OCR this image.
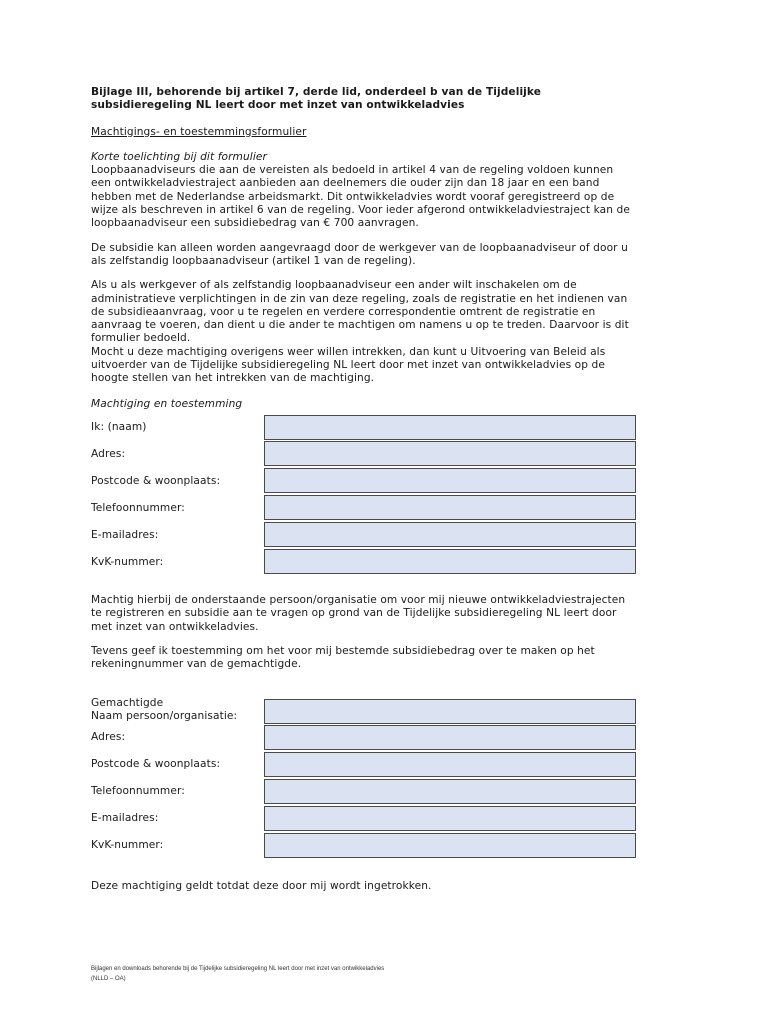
Bijlage III, behorende bij artikel 7, derde lid, onderdeel b van de Tijdelijke
subsidieregeling NL leert door met inzet van ontwikkeladvies
Machtigings- en toestemmingsformulier
Korte toelichting bij dit formulier

Loopbaanadviseurs die aan de vereisten als bedoeld in artikel 4 van de regeling voldoen kunnen
een ontwikkeladviestraject aanbieden aan deelnemers die ouder zijn dan 18 jaar en een band
hebben met de Nederlandse arbeidsmarkt. Dit ontwikkeladvies wordt vooraf geregistreerd op de
wijze als beschreven in artikel 6 van de regeling. Voor ieder afgerond ontwikkeladviestraject kan de
loopbaanadviseur een subsidiebedrag van € 700 aanvragen.

De subsidie kan alleen worden aangevraagd door de werkgever van de loopbaanadviseur of door u
als zelfstandig loopbaanadviseur (artikel 1 van de regeling).

Als u als werkgever of als zelfstandig loopbaanadviseur een ander wilt inschakelen om de
administratieve verplichtingen in de zin van deze regeling, zoals de registratie en het indienen van
de subsidieaanvraag, voor u te regelen en verdere correspondentie omtrent de registratie en
aanvraag te voeren, dan dient u die ander te machtigen om namens u op te treden. Daarvoor is dit
formulier bedoeld.
Mocht u deze machtiging overigens weer willen intrekken, dan kunt u Uitvoering van Beleid als
uitvoerder van de Tijdelijke subsidieregeling NL leert door met inzet van ontwikkeladvies op de
hoogte stellen van het intrekken van de machtiging.

Machtiging en toestemming
Ik: (naam)
Adres:
Postcode & woonplaats:
Telefoonnummer:
E-mailadres:
KvK-nummer:

Machtig hierbij de onderstaande persoon/organisatie om voor mij nieuwe ontwikkeladviestrajecten
te registreren en subsidie aan te vragen op grond van de Tijdelijke subsidieregeling NL leert door
met inzet van ontwikkeladvies.

Tevens geef ik toestemming om het voor mij bestemde subsidiebedrag over te maken op het
rekeningnummer van de gemachtigde.

Gemachtigde
Naam persoon/organisatie:
Adres:
Postcode & woonplaats:
Telefoonnummer:
E-mailadres:
KvK-nummer:

Deze machtiging geldt totdat deze door mij wordt ingetrokken.

Bijlagen en downloads behorende bij de Tijdelijke subsidieregeling NL leert door met inzet van ontwikkeladvies
(NLLD – OA)
